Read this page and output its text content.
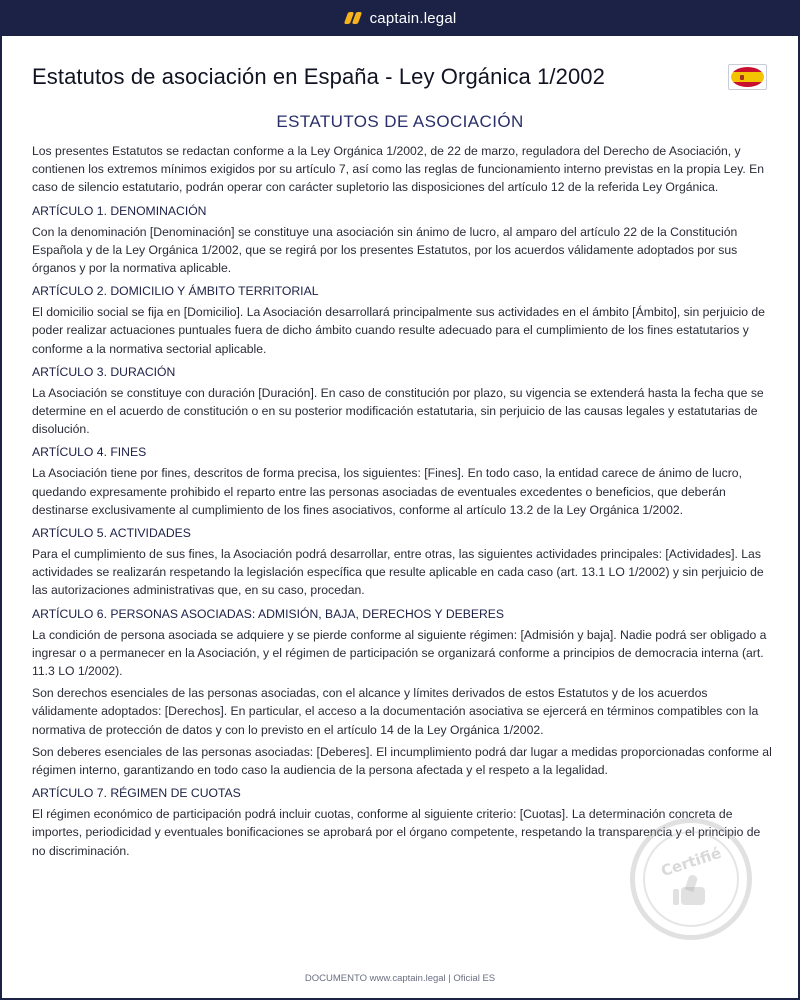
captain.legal
Estatutos de asociación en España - Ley Orgánica 1/2002
ESTATUTOS DE ASOCIACIÓN

Los presentes Estatutos se redactan conforme a la Ley Orgánica 1/2002, de 22 de marzo, reguladora del Derecho de Asociación, y contienen los extremos mínimos exigidos por su artículo 7, así como las reglas de funcionamiento interno previstas en la propia Ley. En caso de silencio estatutario, podrán operar con carácter supletorio las disposiciones del artículo 12 de la referida Ley Orgánica.

ARTÍCULO 1. DENOMINACIÓN

Con la denominación [Denominación] se constituye una asociación sin ánimo de lucro, al amparo del artículo 22 de la Constitución Española y de la Ley Orgánica 1/2002, que se regirá por los presentes Estatutos, por los acuerdos válidamente adoptados por sus órganos y por la normativa aplicable.

ARTÍCULO 2. DOMICILIO Y ÁMBITO TERRITORIAL

El domicilio social se fija en [Domicilio]. La Asociación desarrollará principalmente sus actividades en el ámbito [Ámbito], sin perjuicio de poder realizar actuaciones puntuales fuera de dicho ámbito cuando resulte adecuado para el cumplimiento de los fines estatutarios y conforme a la normativa sectorial aplicable.

ARTÍCULO 3. DURACIÓN

La Asociación se constituye con duración [Duración]. En caso de constitución por plazo, su vigencia se extenderá hasta la fecha que se determine en el acuerdo de constitución o en su posterior modificación estatutaria, sin perjuicio de las causas legales y estatutarias de disolución.

ARTÍCULO 4. FINES

La Asociación tiene por fines, descritos de forma precisa, los siguientes: [Fines]. En todo caso, la entidad carece de ánimo de lucro, quedando expresamente prohibido el reparto entre las personas asociadas de eventuales excedentes o beneficios, que deberán destinarse exclusivamente al cumplimiento de los fines asociativos, conforme al artículo 13.2 de la Ley Orgánica 1/2002.

ARTÍCULO 5. ACTIVIDADES

Para el cumplimiento de sus fines, la Asociación podrá desarrollar, entre otras, las siguientes actividades principales: [Actividades]. Las actividades se realizarán respetando la legislación específica que resulte aplicable en cada caso (art. 13.1 LO 1/2002) y sin perjuicio de las autorizaciones administrativas que, en su caso, procedan.

ARTÍCULO 6. PERSONAS ASOCIADAS: ADMISIÓN, BAJA, DERECHOS Y DEBERES

La condición de persona asociada se adquiere y se pierde conforme al siguiente régimen: [Admisión y baja]. Nadie podrá ser obligado a ingresar o a permanecer en la Asociación, y el régimen de participación se organizará conforme a principios de democracia interna (art. 11.3 LO 1/2002).

Son derechos esenciales de las personas asociadas, con el alcance y límites derivados de estos Estatutos y de los acuerdos válidamente adoptados: [Derechos]. En particular, el acceso a la documentación asociativa se ejercerá en términos compatibles con la normativa de protección de datos y con lo previsto en el artículo 14 de la Ley Orgánica 1/2002.

Son deberes esenciales de las personas asociadas: [Deberes]. El incumplimiento podrá dar lugar a medidas proporcionadas conforme al régimen interno, garantizando en todo caso la audiencia de la persona afectada y el respeto a la legalidad.

ARTÍCULO 7. RÉGIMEN DE CUOTAS

El régimen económico de participación podrá incluir cuotas, conforme al siguiente criterio: [Cuotas]. La determinación concreta de importes, periodicidad y eventuales bonificaciones se aprobará por el órgano competente, respetando la transparencia y el principio de no discriminación.	Certifié
DOCUMENTO www.captain.legal | Oficial ES
